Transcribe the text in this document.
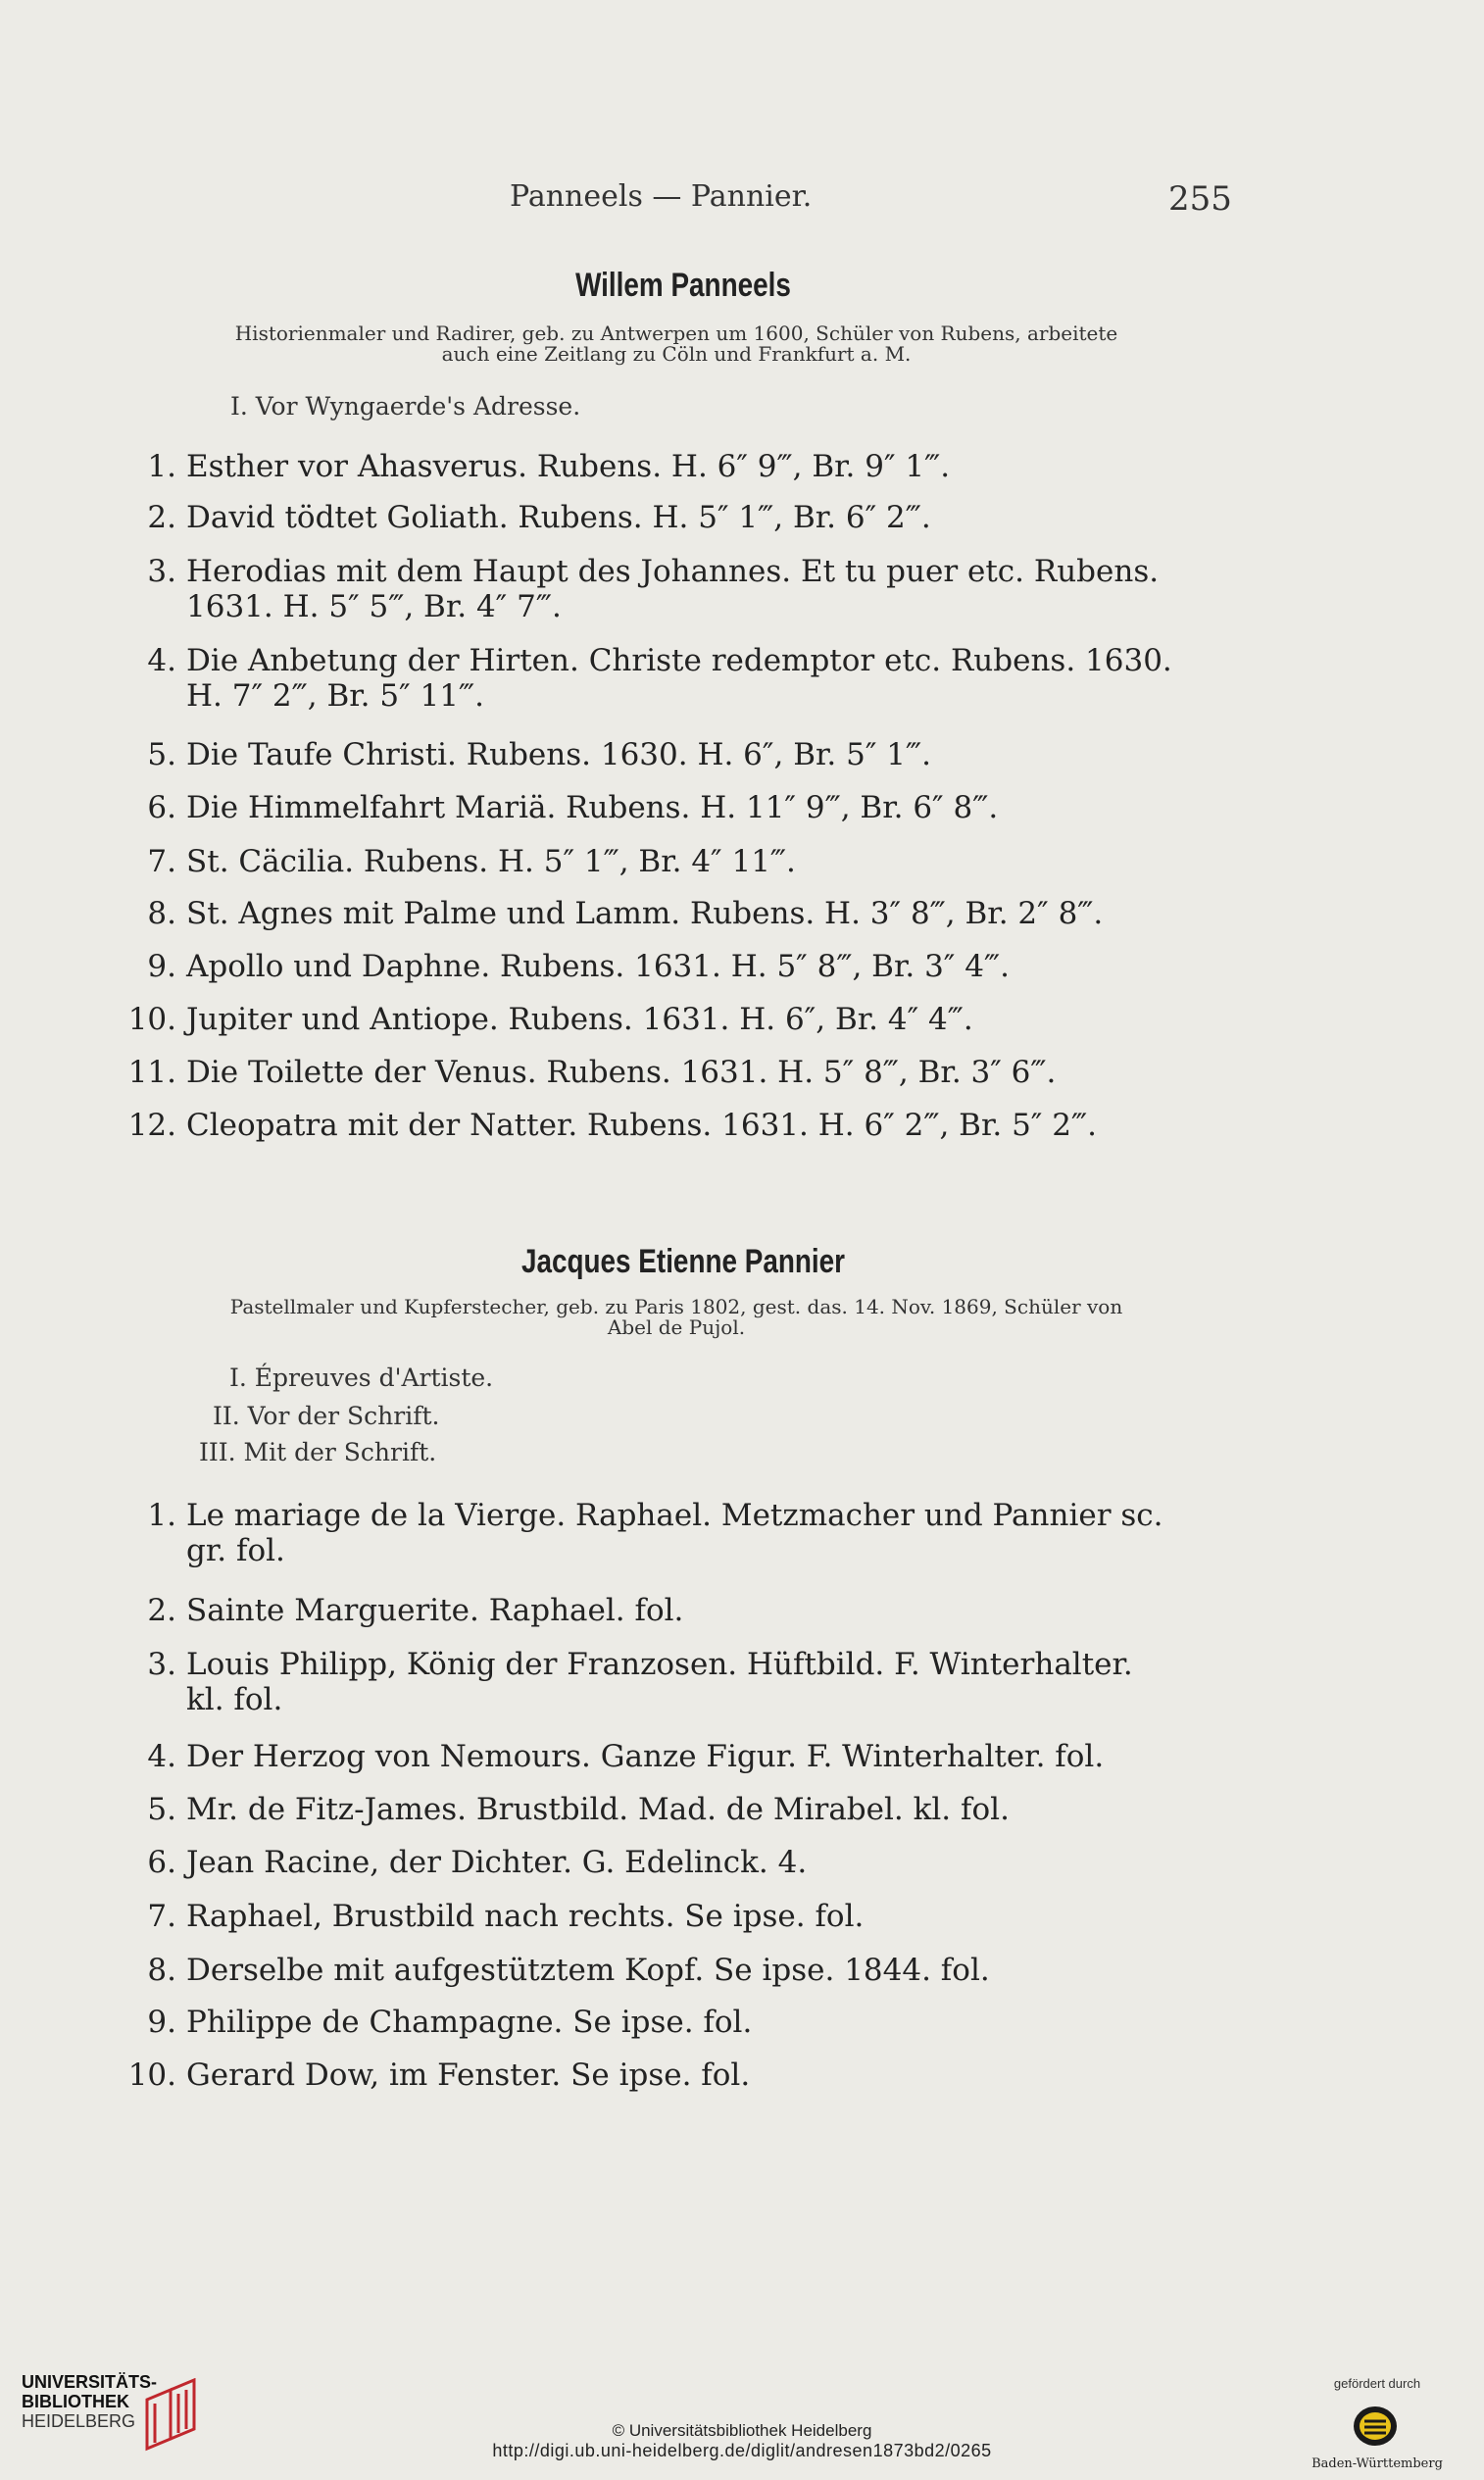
Panneels — Pannier.	255
Willem Panneels
Historienmaler und Radirer, geb. zu Antwerpen um 1600, Schüler von Rubens, arbeitete
auch eine Zeitlang zu Cöln und Frankfurt a. M.
I. Vor Wyngaerde's Adresse.
1. Esther vor Ahasverus. Rubens. H. 6″ 9‴, Br. 9″ 1‴.
2. David tödtet Goliath. Rubens. H. 5″ 1‴, Br. 6″ 2‴.
3. Herodias mit dem Haupt des Johannes. Et tu puer etc. Rubens.
1631. H. 5″ 5‴, Br. 4″ 7‴.
4. Die Anbetung der Hirten. Christe redemptor etc. Rubens. 1630.
H. 7″ 2‴, Br. 5″ 11‴.
5. Die Taufe Christi. Rubens. 1630. H. 6″, Br. 5″ 1‴.
6. Die Himmelfahrt Mariä. Rubens. H. 11″ 9‴, Br. 6″ 8‴.
7. St. Cäcilia. Rubens. H. 5″ 1‴, Br. 4″ 11‴.
8. St. Agnes mit Palme und Lamm. Rubens. H. 3″ 8‴, Br. 2″ 8‴.
9. Apollo und Daphne. Rubens. 1631. H. 5″ 8‴, Br. 3″ 4‴.
10. Jupiter und Antiope. Rubens. 1631. H. 6″, Br. 4″ 4‴.
11. Die Toilette der Venus. Rubens. 1631. H. 5″ 8‴, Br. 3″ 6‴.
12. Cleopatra mit der Natter. Rubens. 1631. H. 6″ 2‴, Br. 5″ 2‴.
Jacques Etienne Pannier
Pastellmaler und Kupferstecher, geb. zu Paris 1802, gest. das. 14. Nov. 1869, Schüler von
Abel de Pujol.
I. Épreuves d'Artiste.
II. Vor der Schrift.
III. Mit der Schrift.
1. Le mariage de la Vierge. Raphael. Metzmacher und Pannier sc.
gr. fol.
2. Sainte Marguerite. Raphael. fol.
3. Louis Philipp, König der Franzosen. Hüftbild. F. Winterhalter.
kl. fol.
4. Der Herzog von Nemours. Ganze Figur. F. Winterhalter. fol.
5. Mr. de Fitz-James. Brustbild. Mad. de Mirabel. kl. fol.
6. Jean Racine, der Dichter. G. Edelinck. 4.
7. Raphael, Brustbild nach rechts. Se ipse. fol.
8. Derselbe mit aufgestütztem Kopf. Se ipse. 1844. fol.
9. Philippe de Champagne. Se ipse. fol.
10. Gerard Dow, im Fenster. Se ipse. fol.
UNIVERSITÄTS-
BIBLIOTHEK
HEIDELBERG	© Universitätsbibliothek Heidelberg
http://digi.ub.uni-heidelberg.de/diglit/andresen1873bd2/0265
gefördert durch
Baden-Württemberg
